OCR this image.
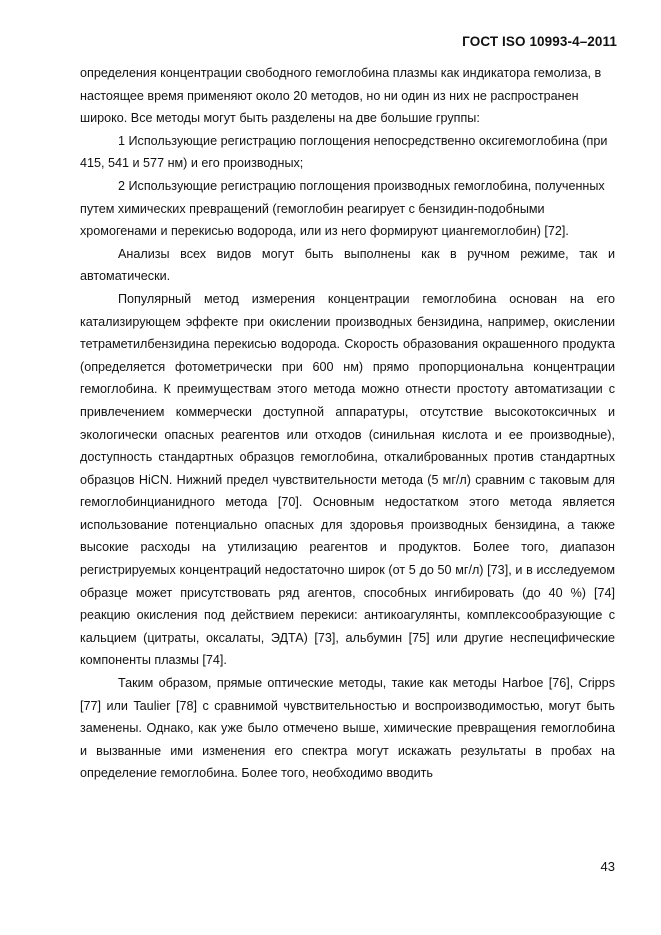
ГОСТ ISO 10993-4–2011

определения концентрации свободного гемоглобина плазмы как индикатора гемолиза, в настоящее время применяют около 20 методов, но ни один из них не распространен широко. Все методы могут быть разделены на две большие группы:

1 Использующие регистрацию поглощения непосредственно оксигемоглобина (при 415, 541 и 577 нм) и его производных;

2 Использующие регистрацию поглощения производных гемоглобина, полученных путем химических превращений (гемоглобин реагирует с бензидин-подобными хромогенами и перекисью водорода, или из него формируют циангемоглобин) [72].

Анализы всех видов могут быть выполнены как в ручном режиме, так и автоматически.

Популярный метод измерения концентрации гемоглобина основан на его катализирующем эффекте при окислении производных бензидина, например, окислении тетраметилбензидина перекисью водорода. Скорость образования окрашенного продукта (определяется фотометрически при 600 нм) прямо пропорциональна концентрации гемоглобина. К преимуществам этого метода можно отнести простоту автоматизации с привлечением коммерчески доступной аппаратуры, отсутствие высокотоксичных и экологически опасных реагентов или отходов (синильная кислота и ее производные), доступность стандартных образцов гемоглобина, откалиброванных против стандартных образцов HiCN. Нижний предел чувствительности метода (5 мг/л) сравним с таковым для гемоглобинцианидного метода [70]. Основным недостатком этого метода является использование потенциально опасных для здоровья производных бензидина, а также высокие расходы на утилизацию реагентов и продуктов. Более того, диапазон регистрируемых концентраций недостаточно широк (от 5 до 50 мг/л) [73], и в исследуемом образце может присутствовать ряд агентов, способных ингибировать (до 40 %) [74] реакцию окисления под действием перекиси: антикоагулянты, комплексообразующие с кальцием (цитраты, оксалаты, ЭДТА) [73], альбумин [75] или другие неспецифические компоненты плазмы [74].

Таким образом, прямые оптические методы, такие как методы Harboe [76], Cripps [77] или Taulier [78] с сравнимой чувствительностью и воспроизводимостью, могут быть заменены. Однако, как уже было отмечено выше, химические превращения гемоглобина и вызванные ими изменения его спектра могут искажать результаты в пробах на определение гемоглобина. Более того, необходимо вводить

43
